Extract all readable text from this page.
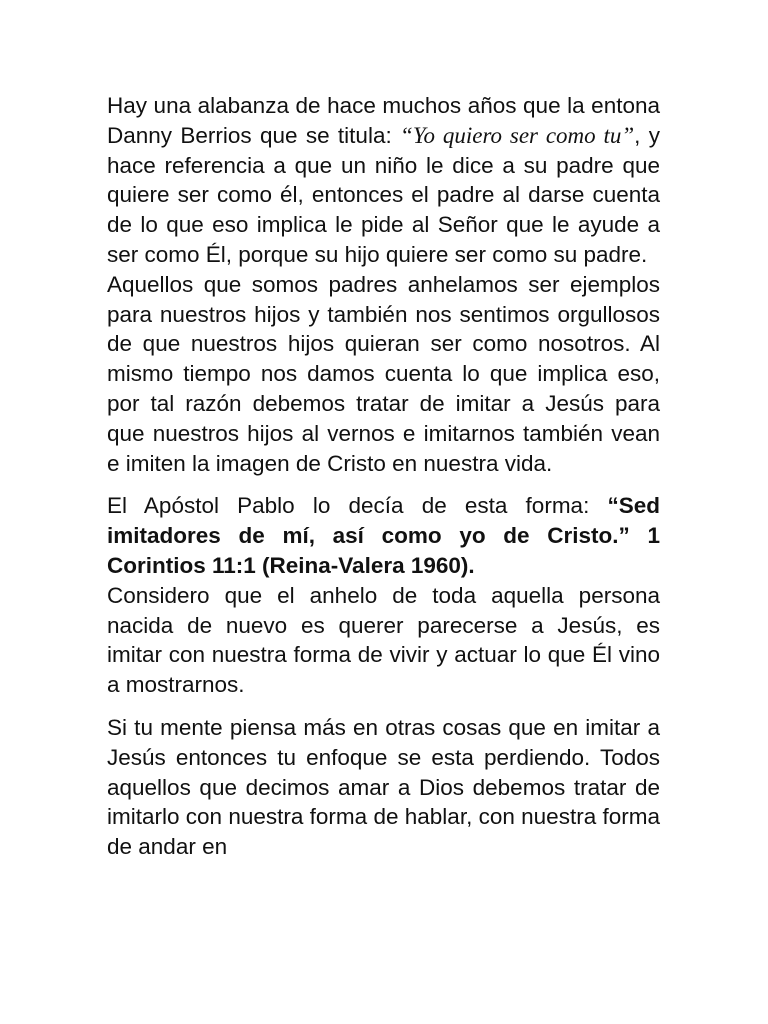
Hay una alabanza de hace muchos años que la entona Danny Berrios que se titula: “Yo quiero ser como tu”, y hace referencia a que un niño le dice a su padre que quiere ser como él, entonces el padre al darse cuenta de lo que eso implica le pide al Señor que le ayude a ser como Él, porque su hijo quiere ser como su padre.

Aquellos que somos padres anhelamos ser ejemplos para nuestros hijos y también nos sentimos orgullosos de que nuestros hijos quieran ser como nosotros. Al mismo tiempo nos damos cuenta lo que implica eso, por tal razón debemos tratar de imitar a Jesús para que nuestros hijos al vernos e imitarnos también vean e imiten la imagen de Cristo en nuestra vida.

El Apóstol Pablo lo decía de esta forma: “Sed imitadores de mí, así como yo de Cristo.” 1 Corintios 11:1 (Reina-Valera 1960).

Considero que el anhelo de toda aquella persona nacida de nuevo es querer parecerse a Jesús, es imitar con nuestra forma de vivir y actuar lo que Él vino a mostrarnos.

Si tu mente piensa más en otras cosas que en imitar a Jesús entonces tu enfoque se esta perdiendo. Todos aquellos que decimos amar a Dios debemos tratar de imitarlo con nuestra forma de hablar, con nuestra forma de andar en
